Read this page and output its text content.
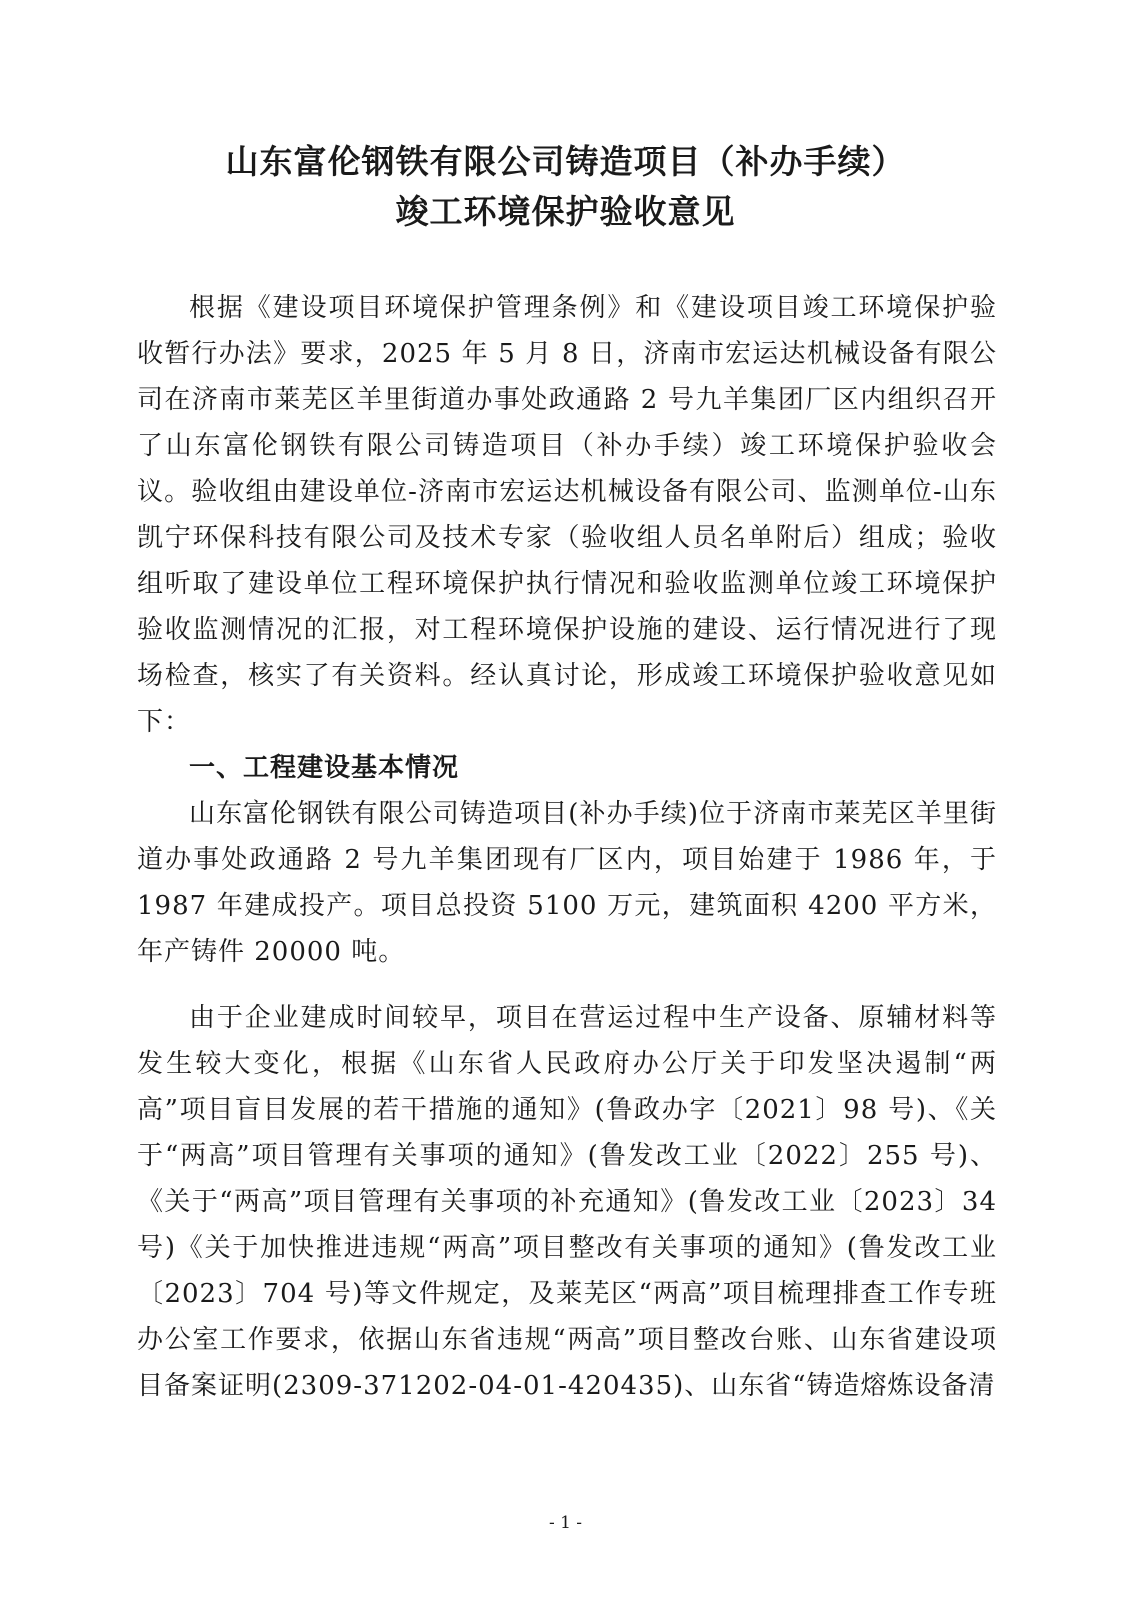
山东富伦钢铁有限公司铸造项目（补办手续）
竣工环境保护验收意见

根据《建设项目环境保护管理条例》和《建设项目竣工环境保护验收暂行办法》要求，2025 年 5 月 8 日，济南市宏运达机械设备有限公司在济南市莱芜区羊里街道办事处政通路 2 号九羊集团厂区内组织召开了山东富伦钢铁有限公司铸造项目（补办手续）竣工环境保护验收会议。验收组由建设单位-济南市宏运达机械设备有限公司、监测单位-山东凯宁环保科技有限公司及技术专家（验收组人员名单附后）组成；验收组听取了建设单位工程环境保护执行情况和验收监测单位竣工环境保护验收监测情况的汇报，对工程环境保护设施的建设、运行情况进行了现场检查，核实了有关资料。经认真讨论，形成竣工环境保护验收意见如下：

一、工程建设基本情况

山东富伦钢铁有限公司铸造项目(补办手续)位于济南市莱芜区羊里街道办事处政通路 2 号九羊集团现有厂区内，项目始建于 1986 年，于 1987 年建成投产。项目总投资 5100 万元，建筑面积 4200 平方米，年产铸件 20000 吨。

由于企业建成时间较早，项目在营运过程中生产设备、原辅材料等发生较大变化，根据《山东省人民政府办公厅关于印发坚决遏制“两高”项目盲目发展的若干措施的通知》(鲁政办字〔2021〕98 号)、《关于“两高”项目管理有关事项的通知》(鲁发改工业〔2022〕255 号)、《关于“两高”项目管理有关事项的补充通知》(鲁发改工业〔2023〕34 号)《关于加快推进违规“两高”项目整改有关事项的通知》(鲁发改工业〔2023〕704 号)等文件规定，及莱芜区“两高”项目梳理排查工作专班办公室工作要求，依据山东省违规“两高”项目整改台账、山东省建设项目备案证明(2309-371202-04-01-420435)、山东省“铸造熔炼设备清

- 1 -
